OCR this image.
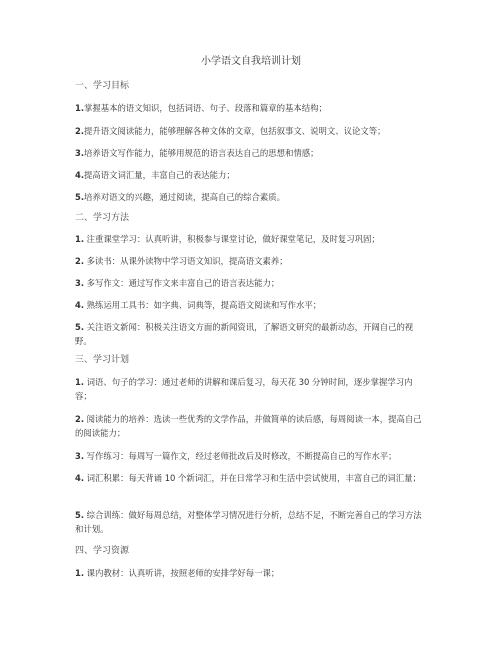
小学语文自我培训计划
一、学习目标

1.掌握基本的语文知识，包括词语、句子、段落和篇章的基本结构；

2.提升语文阅读能力，能够理解各种文体的文章，包括叙事文、说明文、议论文等；

3.培养语文写作能力，能够用规范的语言表达自己的思想和情感；

4.提高语文词汇量，丰富自己的表达能力；

5.培养对语文的兴趣，通过阅读，提高自己的综合素质。

二、学习方法

1. 注重课堂学习：认真听讲，积极参与课堂讨论，做好课堂笔记，及时复习巩固；

2. 多读书：从课外读物中学习语文知识，提高语文素养；

3. 多写作文：通过写作文来丰富自己的语言表达能力；

4. 熟练运用工具书：如字典、词典等，提高语文阅读和写作水平；

5. 关注语文新闻：积极关注语文方面的新闻资讯，了解语文研究的最新动态，开阔自己的视野。

三、学习计划

1. 词语、句子的学习：通过老师的讲解和课后复习，每天花 30 分钟时间，逐步掌握学习内容；

2. 阅读能力的培养：选读一些优秀的文学作品，并做简单的读后感，每周阅读一本，提高自己的阅读能力；

3. 写作练习：每周写一篇作文，经过老师批改后及时修改，不断提高自己的写作水平；

4. 词汇积累：每天背诵 10 个新词汇，并在日常学习和生活中尝试使用，丰富自己的词汇量；

5. 综合训练：做好每周总结，对整体学习情况进行分析，总结不足，不断完善自己的学习方法和计划。

四、学习资源

1. 课内教材：认真听讲，按照老师的安排学好每一课；
